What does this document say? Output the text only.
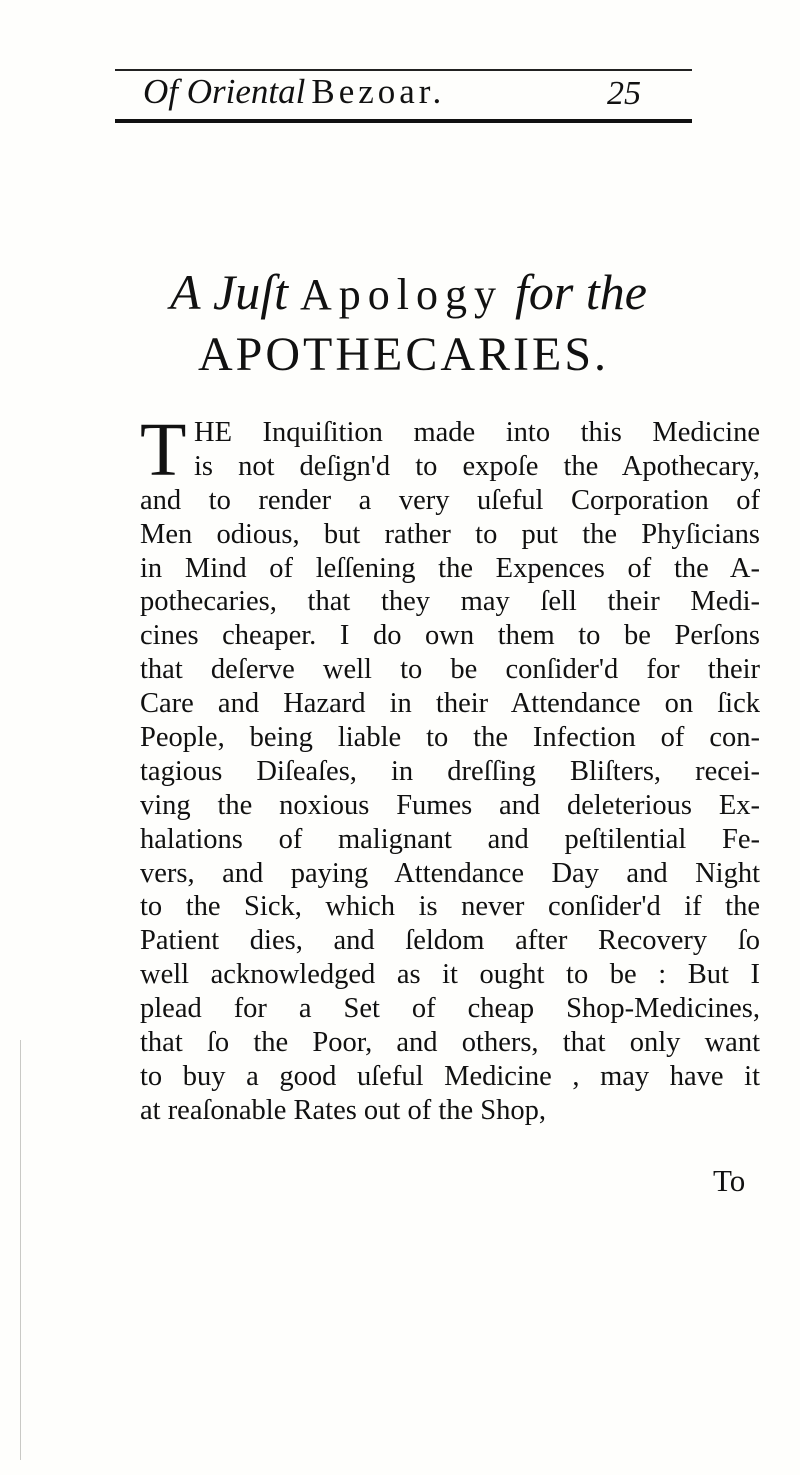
Of Oriental Bezoar.	25
A Juſt Apology for the
APOTHECARIES.
T HE Inquiſition made into this Medicine
is not deſign'd to expoſe the Apothecary,
and to render a very uſeful Corporation of
Men odious, but rather to put the Phyſicians
in Mind of leſſening the Expences of the A-
pothecaries, that they may ſell their Medi-
cines cheaper. I do own them to be Perſons
that deſerve well to be conſider'd for their
Care and Hazard in their Attendance on ſick
People, being liable to the Infection of con-
tagious Diſeaſes, in dreſſing Bliſters, recei-
ving the noxious Fumes and deleterious Ex-
halations of malignant and peſtilential Fe-
vers, and paying Attendance Day and Night
to the Sick, which is never conſider'd if the
Patient dies, and ſeldom after Recovery ſo
well acknowledged as it ought to be : But I
plead for a Set of cheap Shop-Medicines,
that ſo the Poor, and others, that only want
to buy a good uſeful Medicine , may have it
at reaſonable Rates out of the Shop,
To
